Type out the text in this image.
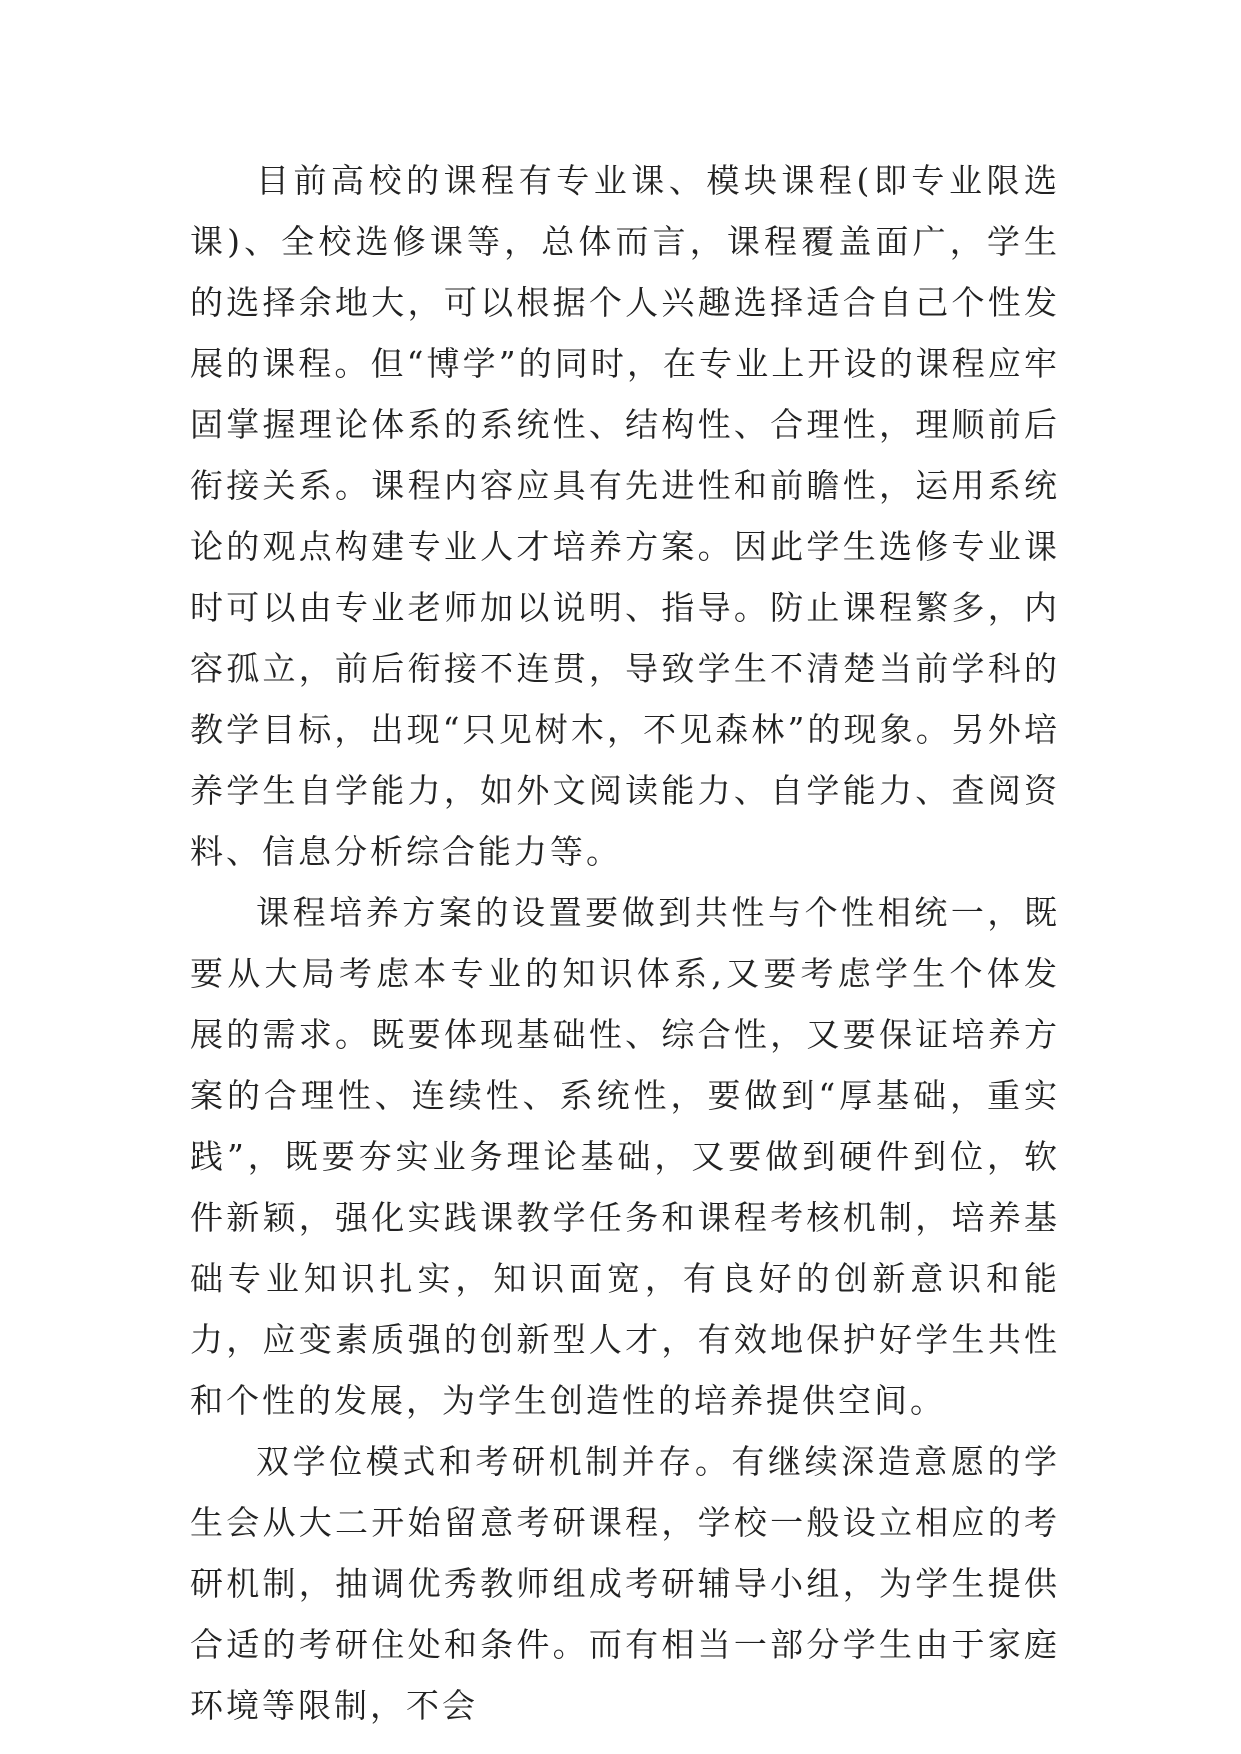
目前高校的课程有专业课、模块课程(即专业限选课)、全校选修课等，总体而言，课程覆盖面广，学生的选择余地大，可以根据个人兴趣选择适合自己个性发展的课程。但“博学”的同时，在专业上开设的课程应牢固掌握理论体系的系统性、结构性、合理性，理顺前后衔接关系。课程内容应具有先进性和前瞻性，运用系统论的观点构建专业人才培养方案。因此学生选修专业课时可以由专业老师加以说明、指导。防止课程繁多，内容孤立，前后衔接不连贯，导致学生不清楚当前学科的教学目标，出现“只见树木，不见森林”的现象。另外培养学生自学能力，如外文阅读能力、自学能力、查阅资料、信息分析综合能力等。

课程培养方案的设置要做到共性与个性相统一，既要从大局考虑本专业的知识体系,又要考虑学生个体发展的需求。既要体现基础性、综合性，又要保证培养方案的合理性、连续性、系统性，要做到“厚基础，重实践”，既要夯实业务理论基础，又要做到硬件到位，软件新颖，强化实践课教学任务和课程考核机制，培养基础专业知识扎实，知识面宽，有良好的创新意识和能力，应变素质强的创新型人才，有效地保护好学生共性和个性的发展，为学生创造性的培养提供空间。

双学位模式和考研机制并存。有继续深造意愿的学生会从大二开始留意考研课程，学校一般设立相应的考研机制，抽调优秀教师组成考研辅导小组，为学生提供合适的考研住处和条件。而有相当一部分学生由于家庭环境等限制，不会
